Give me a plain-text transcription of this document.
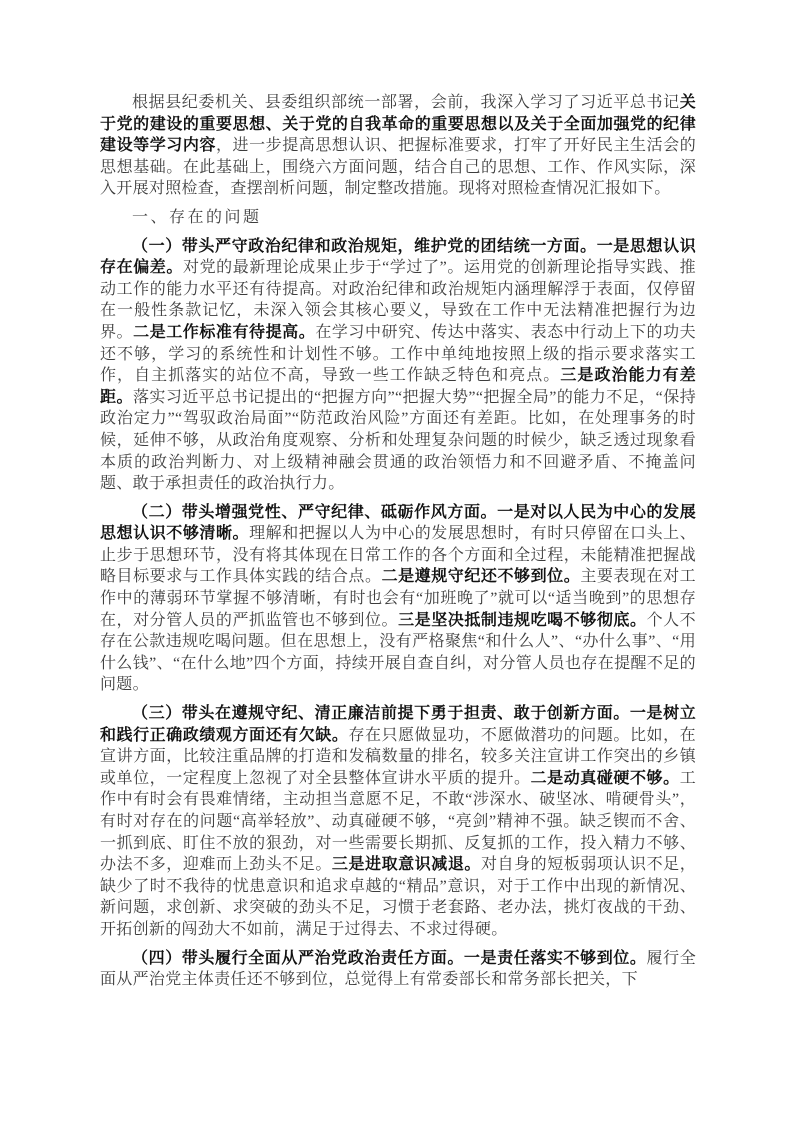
根据县纪委机关、县委组织部统一部署，会前，我深入学习了习近平总书记关于党的建设的重要思想、关于党的自我革命的重要思想以及关于全面加强党的纪律建设等学习内容，进一步提高思想认识、把握标准要求，打牢了开好民主生活会的思想基础。在此基础上，围绕六方面问题，结合自己的思想、工作、作风实际，深入开展对照检查，查摆剖析问题，制定整改措施。现将对照检查情况汇报如下。

一、存在的问题

（一）带头严守政治纪律和政治规矩，维护党的团结统一方面。一是思想认识存在偏差。对党的最新理论成果止步于“学过了”。运用党的创新理论指导实践、推动工作的能力水平还有待提高。对政治纪律和政治规矩内涵理解浮于表面，仅停留在一般性条款记忆，未深入领会其核心要义，导致在工作中无法精准把握行为边界。二是工作标准有待提高。在学习中研究、传达中落实、表态中行动上下的功夫还不够，学习的系统性和计划性不够。工作中单纯地按照上级的指示要求落实工作，自主抓落实的站位不高，导致一些工作缺乏特色和亮点。三是政治能力有差距。落实习近平总书记提出的“把握方向”“把握大势”“把握全局”的能力不足，“保持政治定力”“驾驭政治局面”“防范政治风险”方面还有差距。比如，在处理事务的时候，延伸不够，从政治角度观察、分析和处理复杂问题的时候少，缺乏透过现象看本质的政治判断力、对上级精神融会贯通的政治领悟力和不回避矛盾、不掩盖问题、敢于承担责任的政治执行力。

（二）带头增强党性、严守纪律、砥砺作风方面。一是对以人民为中心的发展思想认识不够清晰。理解和把握以人为中心的发展思想时，有时只停留在口头上、止步于思想环节，没有将其体现在日常工作的各个方面和全过程，未能精准把握战略目标要求与工作具体实践的结合点。二是遵规守纪还不够到位。主要表现在对工作中的薄弱环节掌握不够清晰，有时也会有“加班晚了”就可以“适当晚到”的思想存在，对分管人员的严抓监管也不够到位。三是坚决抵制违规吃喝不够彻底。个人不存在公款违规吃喝问题。但在思想上，没有严格聚焦“和什么人”、“办什么事”、“用什么钱”、“在什么地”四个方面，持续开展自查自纠，对分管人员也存在提醒不足的问题。

（三）带头在遵规守纪、清正廉洁前提下勇于担责、敢于创新方面。一是树立和践行正确政绩观方面还有欠缺。存在只愿做显功，不愿做潜功的问题。比如，在宣讲方面，比较注重品牌的打造和发稿数量的排名，较多关注宣讲工作突出的乡镇或单位，一定程度上忽视了对全县整体宣讲水平质的提升。二是动真碰硬不够。工作中有时会有畏难情绪，主动担当意愿不足，不敢“涉深水、破坚冰、啃硬骨头”，有时对存在的问题“高举轻放”、动真碰硬不够，“亮剑”精神不强。缺乏锲而不舍、一抓到底、盯住不放的狠劲，对一些需要长期抓、反复抓的工作，投入精力不够、办法不多，迎难而上劲头不足。三是进取意识减退。对自身的短板弱项认识不足，缺少了时不我待的忧患意识和追求卓越的“精品”意识，对于工作中出现的新情况、新问题，求创新、求突破的劲头不足，习惯于老套路、老办法，挑灯夜战的干劲、开拓创新的闯劲大不如前，满足于过得去、不求过得硬。

（四）带头履行全面从严治党政治责任方面。一是责任落实不够到位。履行全面从严治党主体责任还不够到位，总觉得上有常委部长和常务部长把关，下
